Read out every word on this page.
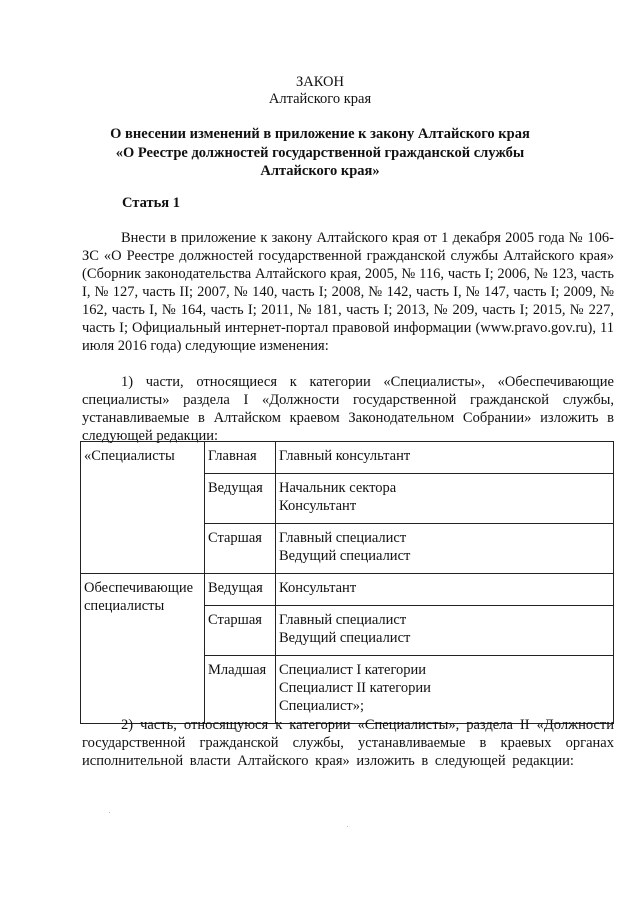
ЗАКОН
Алтайского края
О внесении изменений в приложение к закону Алтайского края
«О Реестре должностей государственной гражданской службы
Алтайского края»
Статья 1
Внести в приложение к закону Алтайского края от 1 декабря 2005 года № 106-ЗС «О Реестре должностей государственной гражданской службы Алтайского края» (Сборник законодательства Алтайского края, 2005, № 116, часть I; 2006, № 123, часть I, № 127, часть II; 2007, № 140, часть I; 2008, № 142, часть I, № 147, часть I; 2009, № 162, часть I, № 164, часть I; 2011, № 181, часть I; 2013, № 209, часть I; 2015, № 227, часть I; Официальный интернет-портал правовой информации (www.pravo.gov.ru), 11 июля 2016 года) следующие изменения:
1) части, относящиеся к категории «Специалисты», «Обеспечивающие специалисты» раздела I «Должности государственной гражданской службы, устанавливаемые в Алтайском краевом Законодательном Собрании» изложить в следующей редакции:
«Специалисты	Главная	Главный консультант

	Ведущая	Начальник сектора
Консультант

	Старшая	Главный специалист
Ведущий специалист

Обеспечивающие специалисты	Ведущая	Консультант

	Старшая	Главный специалист
Ведущий специалист

	Младшая	Специалист I категории
Специалист II категории
Специалист»;
2) часть, относящуюся к категории «Специалисты», раздела II «Должности государственной гражданской службы, устанавливаемые в краевых органах исполнительной власти Алтайского края» изложить в следующей редакции:
